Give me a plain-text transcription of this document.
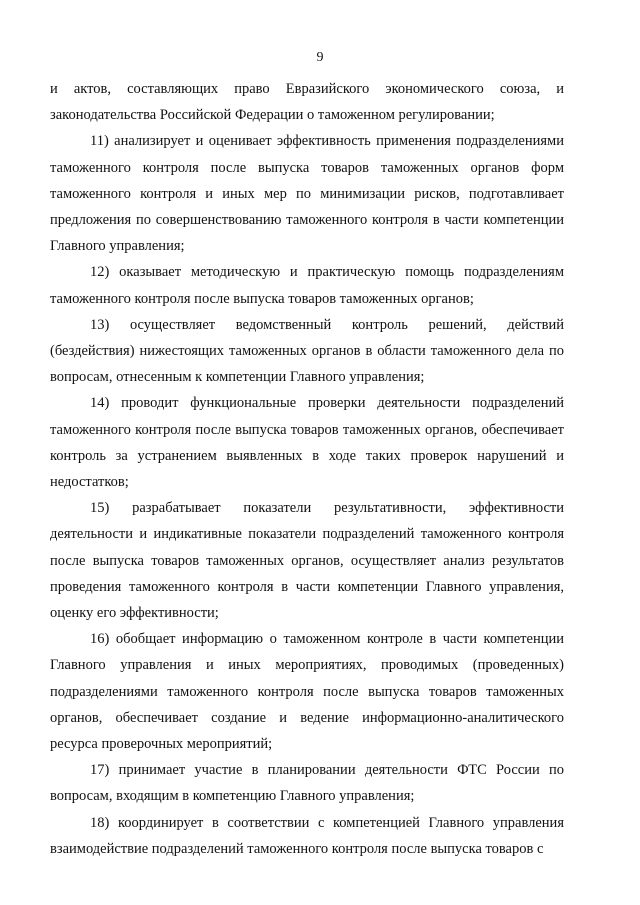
9

и актов, составляющих право Евразийского экономического союза, и законодательства Российской Федерации о таможенном регулировании;

11) анализирует и оценивает эффективность применения подразделениями таможенного контроля после выпуска товаров таможенных органов форм таможенного контроля и иных мер по минимизации рисков, подготавливает предложения по совершенствованию таможенного контроля в части компетенции Главного управления;

12) оказывает методическую и практическую помощь подразделениям таможенного контроля после выпуска товаров таможенных органов;

13) осуществляет ведомственный контроль решений, действий (бездействия) нижестоящих таможенных органов в области таможенного дела по вопросам, отнесенным к компетенции Главного управления;

14) проводит функциональные проверки деятельности подразделений таможенного контроля после выпуска товаров таможенных органов, обеспечивает контроль за устранением выявленных в ходе таких проверок нарушений и недостатков;

15) разрабатывает показатели результативности, эффективности деятельности и индикативные показатели подразделений таможенного контроля после выпуска товаров таможенных органов, осуществляет анализ результатов проведения таможенного контроля в части компетенции Главного управления, оценку его эффективности;

16) обобщает информацию о таможенном контроле в части компетенции Главного управления и иных мероприятиях, проводимых (проведенных) подразделениями таможенного контроля после выпуска товаров таможенных органов, обеспечивает создание и ведение информационно-аналитического ресурса проверочных мероприятий;

17) принимает участие в планировании деятельности ФТС России по вопросам, входящим в компетенцию Главного управления;

18) координирует в соответствии с компетенцией Главного управления взаимодействие подразделений таможенного контроля после выпуска товаров с
